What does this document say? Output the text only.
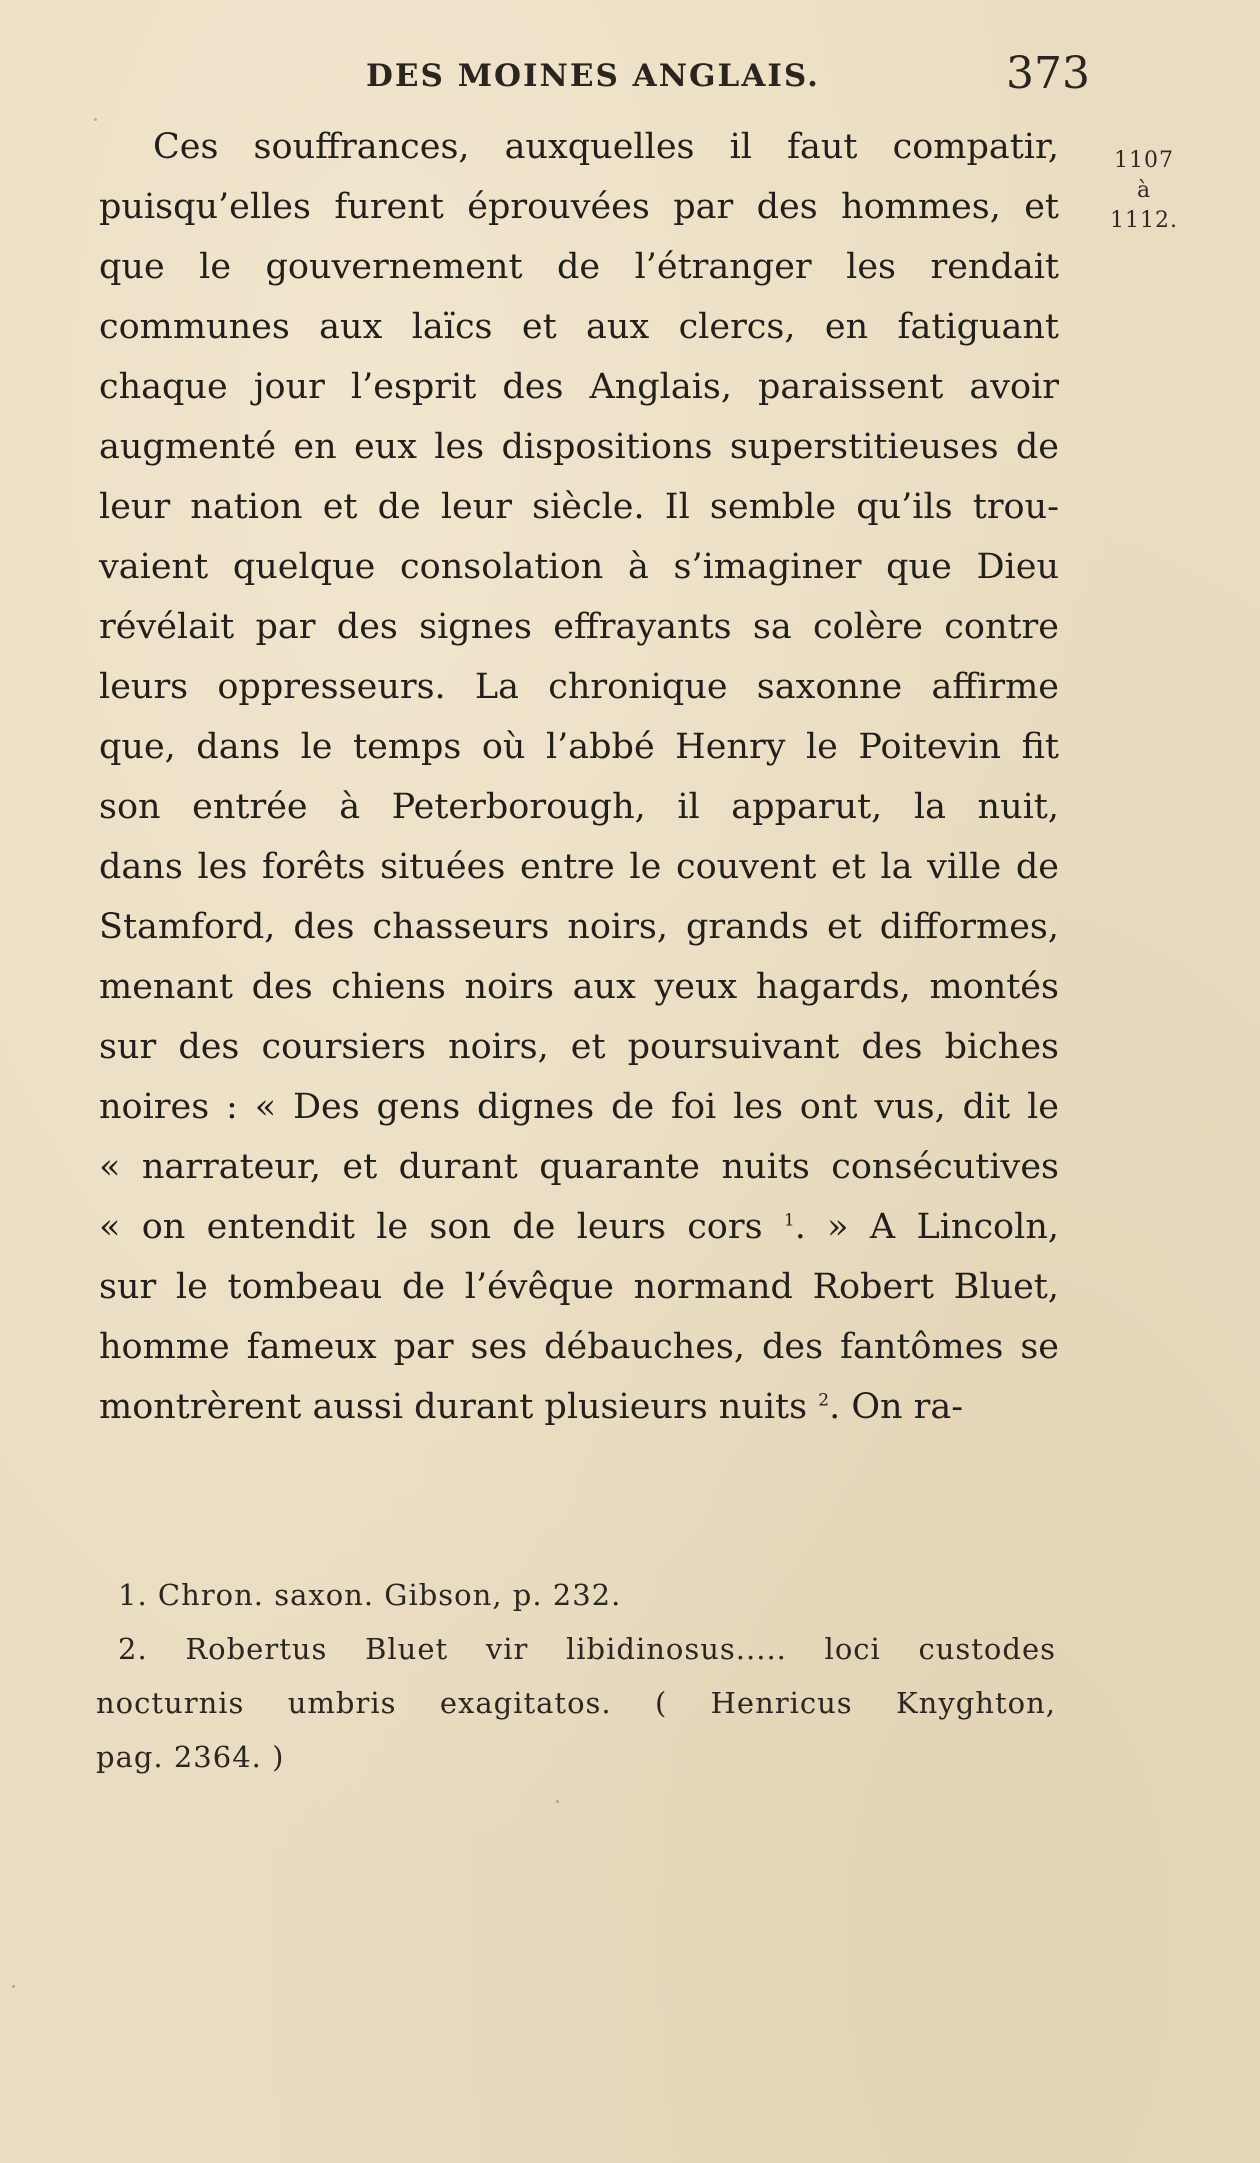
DES MOINES ANGLAIS.	373
1107
à
1112.
Ces souffrances, auxquelles il faut compatir,
puisqu’elles furent éprouvées par des hommes, et
que le gouvernement de l’étranger les rendait
communes aux laïcs et aux clercs, en fatiguant
chaque jour l’esprit des Anglais, paraissent avoir
augmenté en eux les dispositions superstitieuses de
leur nation et de leur siècle. Il semble qu’ils trou-
vaient quelque consolation à s’imaginer que Dieu
révélait par des signes effrayants sa colère contre
leurs oppresseurs. La chronique saxonne affirme
que, dans le temps où l’abbé Henry le Poitevin fit
son entrée à Peterborough, il apparut, la nuit,
dans les forêts situées entre le couvent et la ville de
Stamford, des chasseurs noirs, grands et difformes,
menant des chiens noirs aux yeux hagards, montés
sur des coursiers noirs, et poursuivant des biches
noires : « Des gens dignes de foi les ont vus, dit le
« narrateur, et durant quarante nuits consécutives
« on entendit le son de leurs cors $^1$. » A Lincoln,
sur le tombeau de l’évêque normand Robert Bluet,
homme fameux par ses débauches, des fantômes se
montrèrent aussi durant plusieurs nuits $^2$. On ra-
1. Chron. saxon. Gibson, p. 232.
2. Robertus Bluet vir libidinosus..... loci custodes
nocturnis umbris exagitatos. ( Henricus Knyghton,
pag. 2364. )
